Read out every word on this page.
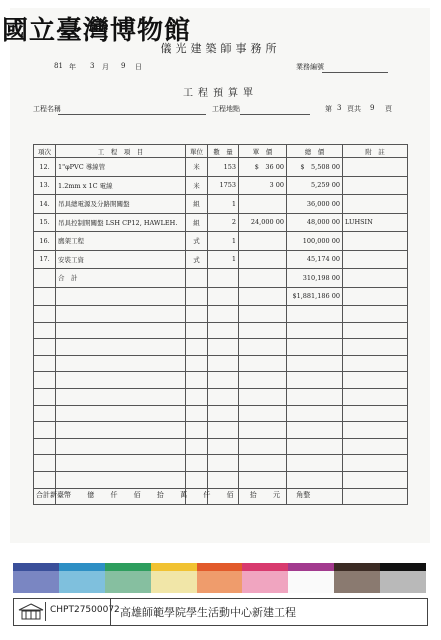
國立臺灣博物館
儀光建築師事務所
81 年 3 月 9 日	業務編號
工程預算單
工程名稱	工程地點	第 3 頁共 9 頁
項次	工　程　項　目	單位	數　量	單　價	總　價	附　註
12.	1"φPVC 導線管	米	153	$　36 00	$　5,508 00	
13.	1.2mm x 1C 電線	米	1753	3 00	5,259 00	
14.	吊具總電源及分路開關盤	組	1		36,000 00	
15.	吊具控制開關盤 LSH CP12, HAWLEH.	組	2	24,000 00	48,000 00	LUHSIN
16.	鷹架工程	式	1		100,000 00	
17.	安裝工資	式	1		45,174 00	
	合　計				310,198 00	
					$1,881,186 00	

合計新臺幣 億 仟 佰 拾 萬 仟 佰 拾 元 角整
CHPT27500072 高雄師範學院學生活動中心新建工程
